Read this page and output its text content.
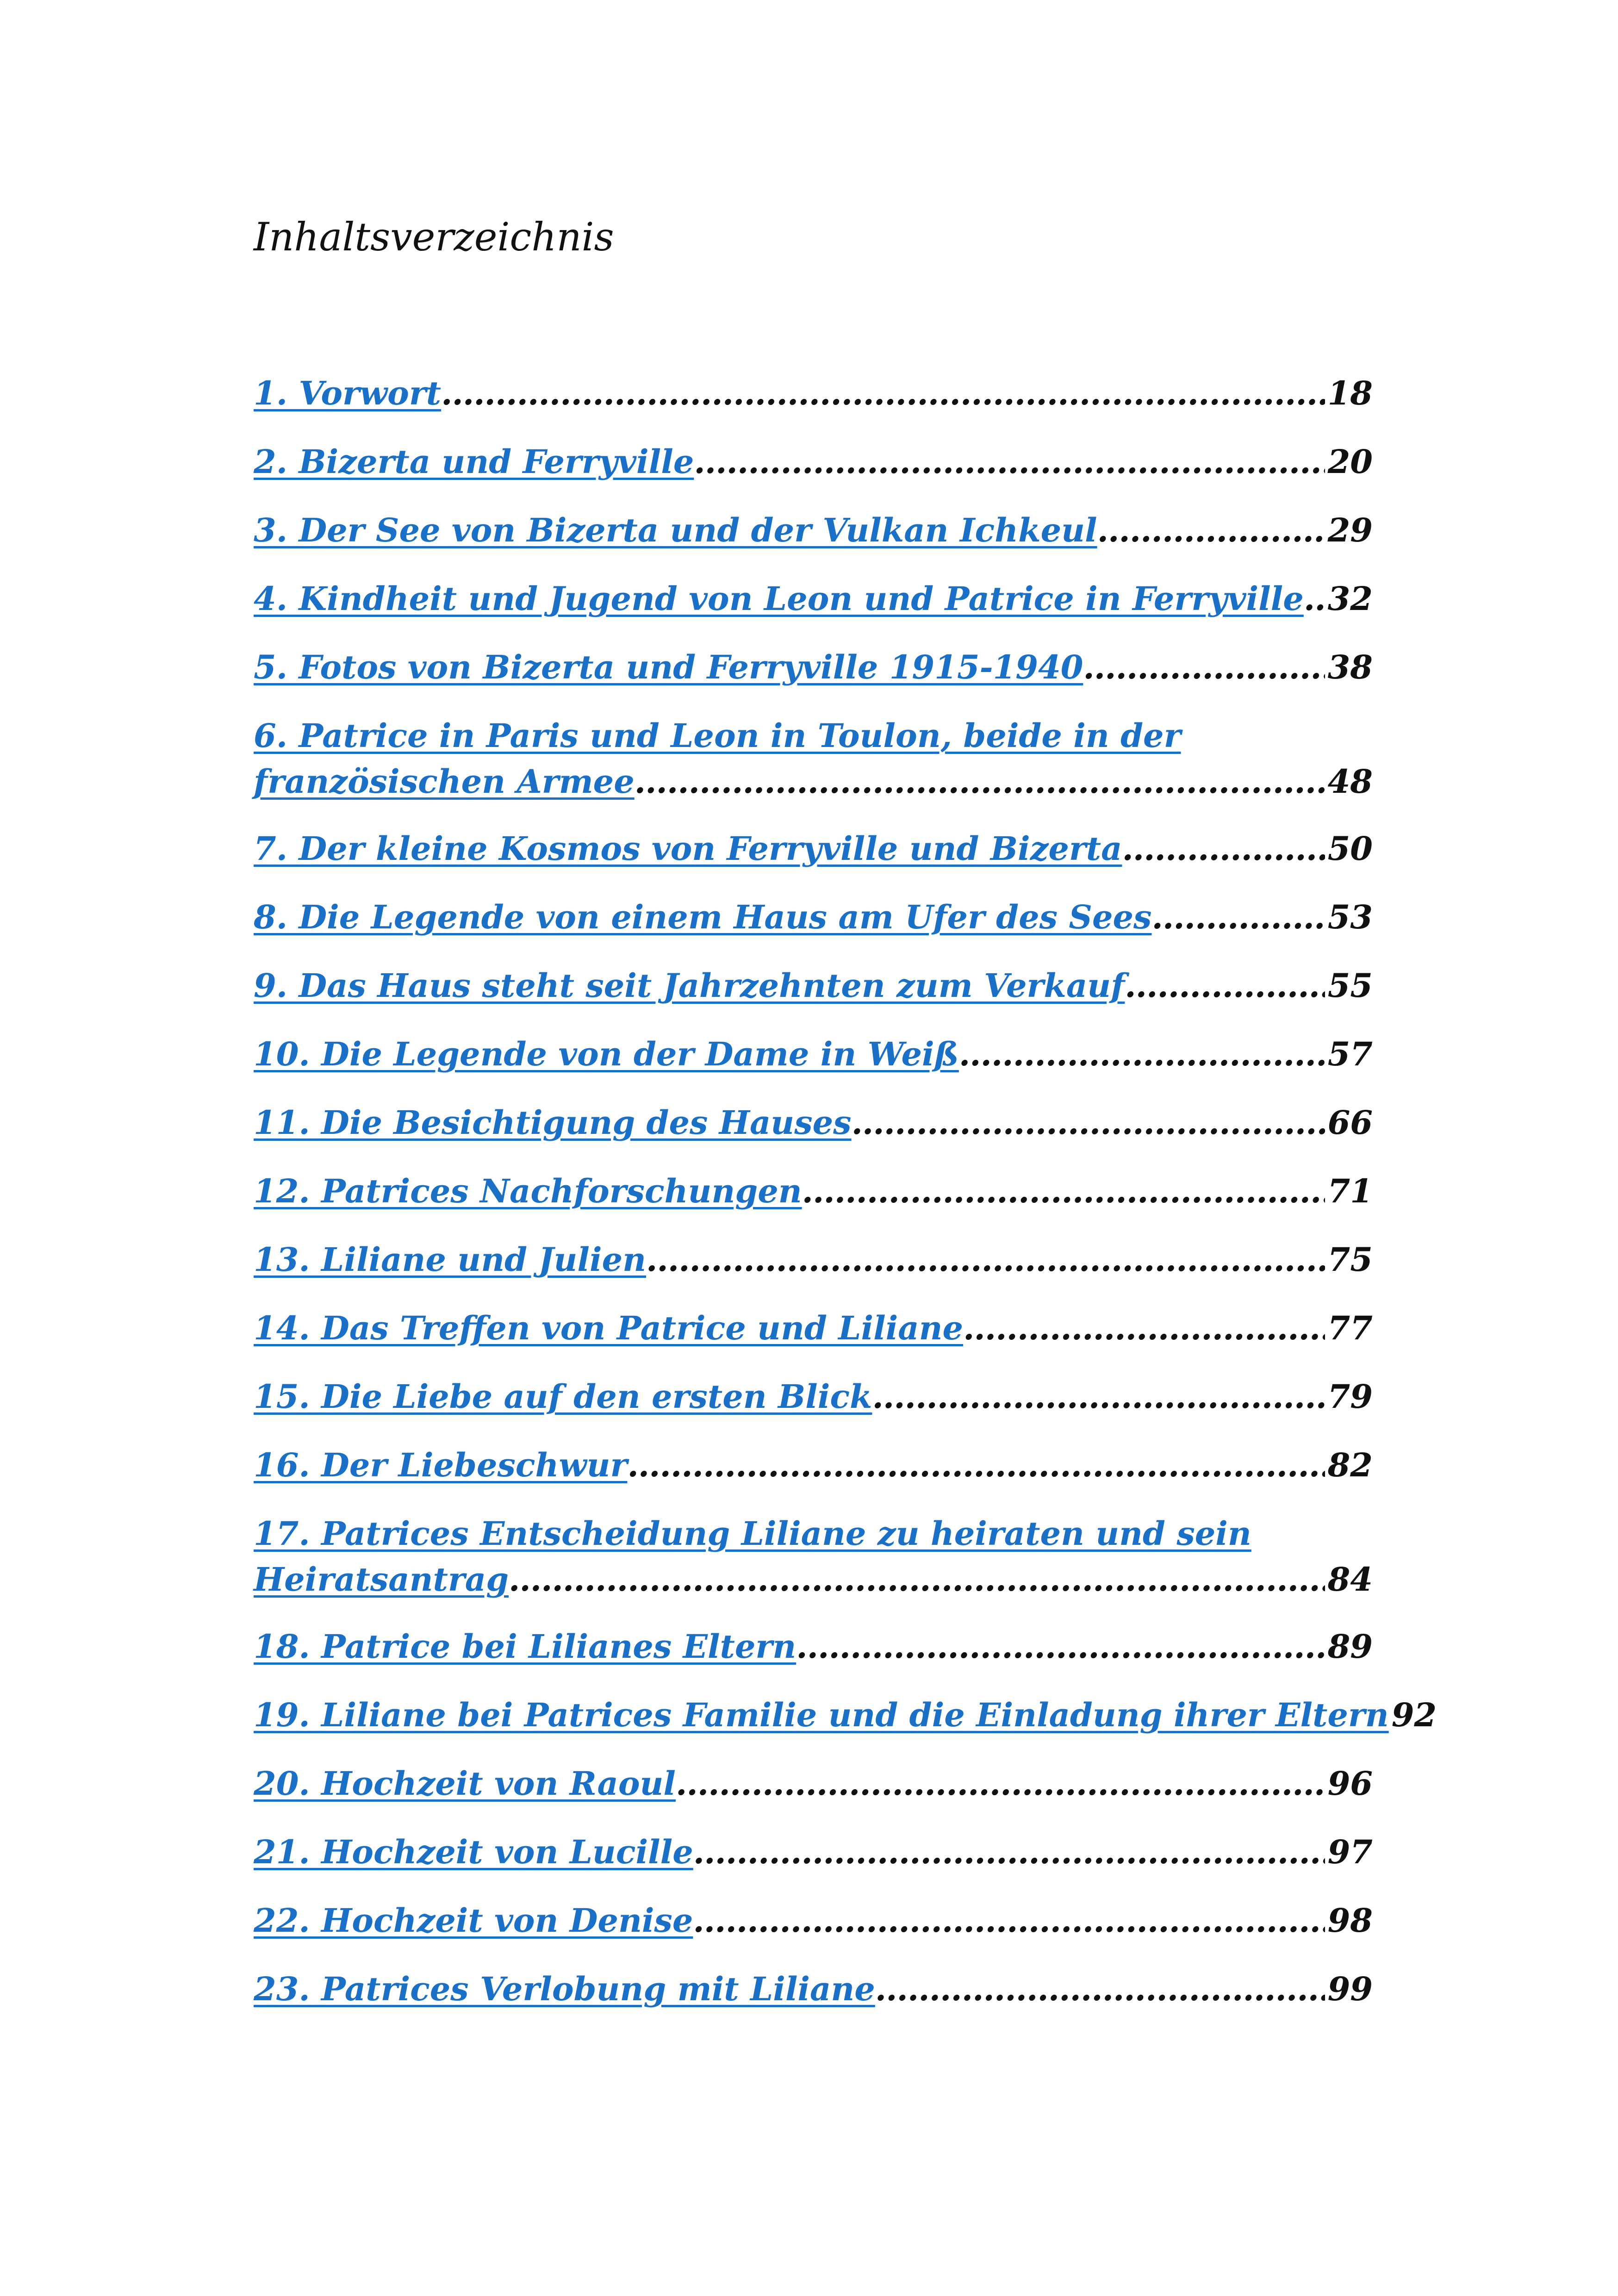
Inhaltsverzeichnis
1. Vorwort .....	18
2. Bizerta und Ferryville .....	20
3. Der See von Bizerta und der Vulkan Ichkeul .....	29
4. Kindheit und Jugend von Leon und Patrice in Ferryville ..... 32
5. Fotos von Bizerta und Ferryville 1915-1940 .....	38
6. Patrice in Paris und Leon in Toulon, beide in der
französischen Armee .....	48
7. Der kleine Kosmos von Ferryville und Bizerta .....	50
8. Die Legende von einem Haus am Ufer des Sees .....	53
9. Das Haus steht seit Jahrzehnten zum Verkauf .....	55
10. Die Legende von der Dame in Weiß .....	57
11. Die Besichtigung des Hauses .....	66
12. Patrices Nachforschungen .....	71
13. Liliane und Julien .....	75
14. Das Treffen von Patrice und Liliane .....	77
15. Die Liebe auf den ersten Blick .....	79
16. Der Liebeschwur .....	82
17. Patrices Entscheidung Liliane zu heiraten und sein
Heiratsantrag .....	84
18. Patrice bei Lilianes Eltern .....	89
19. Liliane bei Patrices Familie und die Einladung ihrer Eltern 92
20. Hochzeit von Raoul .....	96
21. Hochzeit von Lucille .....	97
22. Hochzeit von Denise .....	98
23. Patrices Verlobung mit Liliane .....	99
